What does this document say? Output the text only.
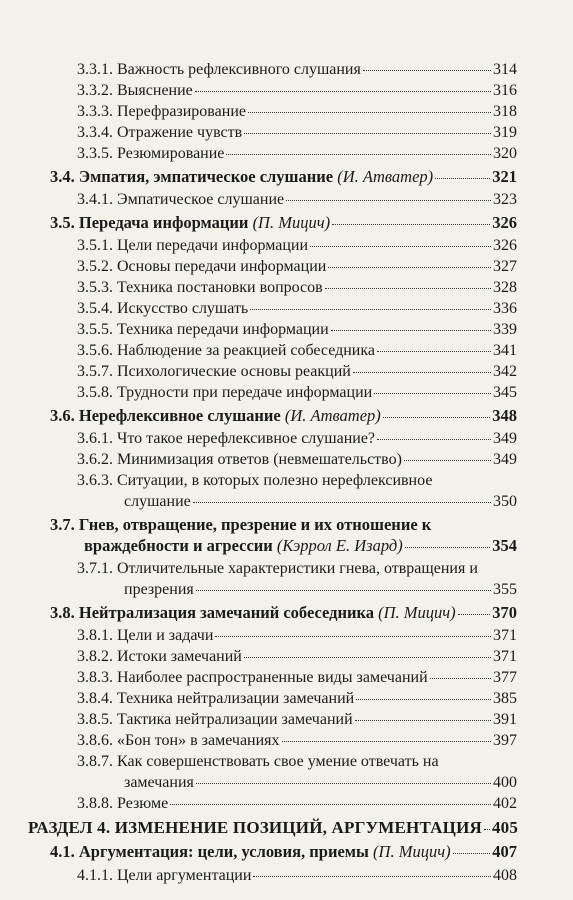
3.3.1. Важность рефлексивного слушания	314
3.3.2. Выяснение	316
3.3.3. Перефразирование	318
3.3.4. Отражение чувств	319
3.3.5. Резюмирование	320
3.4. Эмпатия, эмпатическое слушание (И. Атватер)	321
3.4.1. Эмпатическое слушание	323
3.5. Передача информации (П. Мицич)	326
3.5.1. Цели передачи информации	326
3.5.2. Основы передачи информации	327
3.5.3. Техника постановки вопросов	328
3.5.4. Искусство слушать	336
3.5.5. Техника передачи информации	339
3.5.6. Наблюдение за реакцией собеседника	341
3.5.7. Психологические основы реакций	342
3.5.8. Трудности при передаче информации	345
3.6. Нерефлексивное слушание (И. Атватер)	348
3.6.1. Что такое нерефлексивное слушание?	349
3.6.2. Минимизация ответов (невмешательство)	349
3.6.3. Ситуации, в которых полезно нерефлексивное
слушание	350
3.7. Гнев, отвращение, презрение и их отношение к
враждебности и агрессии (Кэррол Е. Изард)	354
3.7.1. Отличительные характеристики гнева, отвращения и
презрения	355
3.8. Нейтрализация замечаний собеседника (П. Мицич) 370
3.8.1. Цели и задачи	371
3.8.2. Истоки замечаний	371
3.8.3. Наиболее распространенные виды замечаний	377
3.8.4. Техника нейтрализации замечаний	385
3.8.5. Тактика нейтрализации замечаний	391
3.8.6. «Бон тон» в замечаниях	397
3.8.7. Как совершенствовать свое умение отвечать на
замечания	400
3.8.8. Резюме	402
РАЗДЕЛ 4. ИЗМЕНЕНИЕ ПОЗИЦИЙ, АРГУМЕНТАЦИЯ 405
4.1. Аргументация: цели, условия, приемы (П. Мицич)	407
4.1.1. Цели аргументации	408
